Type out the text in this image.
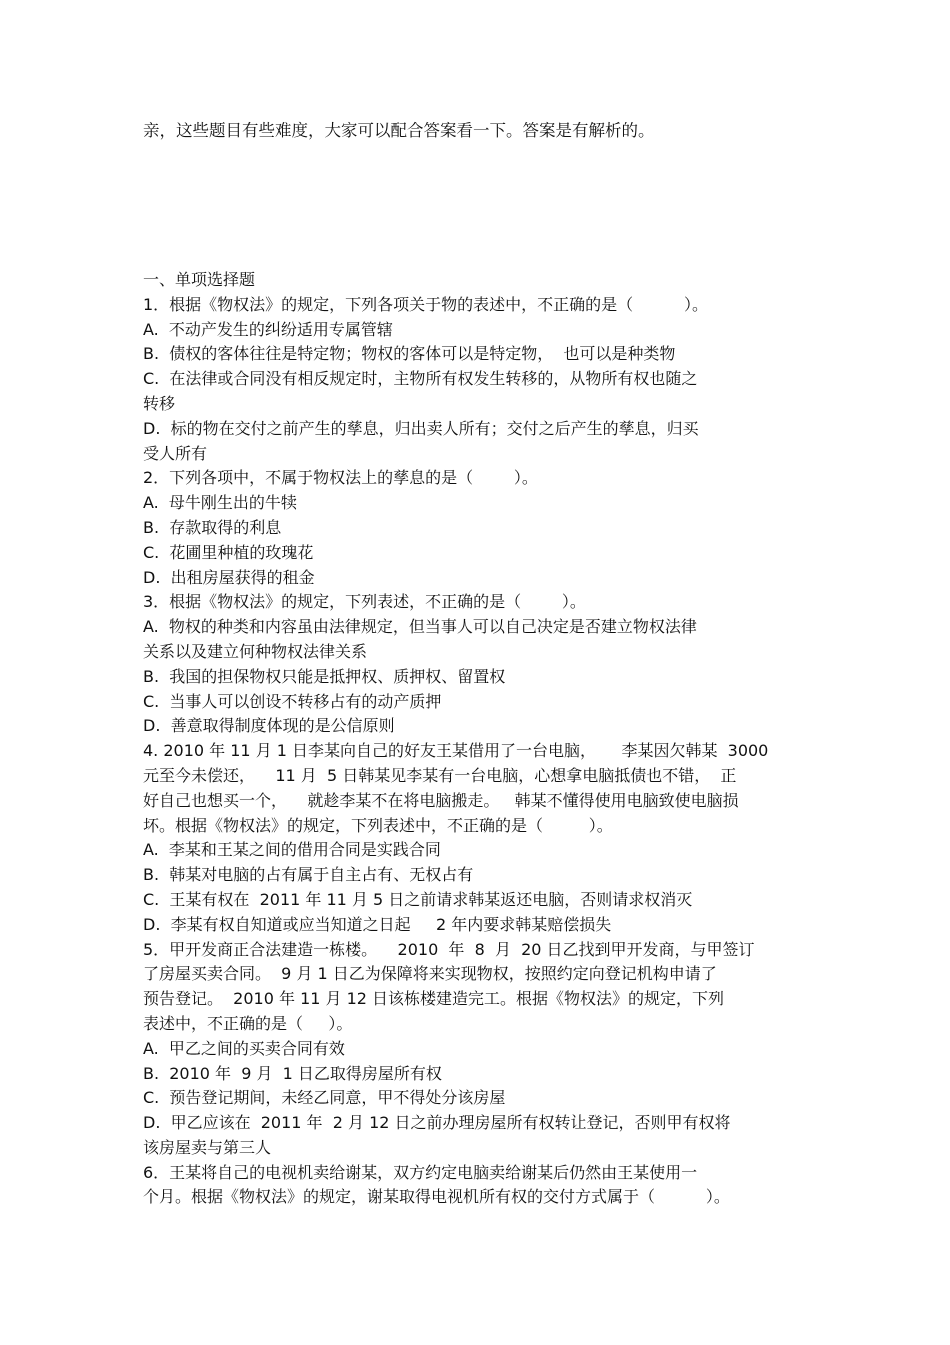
亲，这些题目有些难度，大家可以配合答案看一下。答案是有解析的。
一、单项选择题
1．根据《物权法》的规定，下列各项关于物的表述中，不正确的是（          ）。
A.  不动产发生的纠纷适用专属管辖
B.  债权的客体往往是特定物；物权的客体可以是特定物，  也可以是种类物
C.  在法律或合同没有相反规定时，主物所有权发生转移的，从物所有权也随之
转移
D.  标的物在交付之前产生的孳息，归出卖人所有；交付之后产生的孳息，归买
受人所有
2．下列各项中，不属于物权法上的孳息的是（        ）。
A.  母牛刚生出的牛犊
B.  存款取得的利息
C.  花圃里种植的玫瑰花
D.  出租房屋获得的租金
3．根据《物权法》的规定，下列表述，不正确的是（        ）。
A.  物权的种类和内容虽由法律规定，但当事人可以自己决定是否建立物权法律
关系以及建立何种物权法律关系
B.  我国的担保物权只能是抵押权、质押权、留置权
C.  当事人可以创设不转移占有的动产质押
D.  善意取得制度体现的是公信原则
4. 2010 年 11 月 1 日李某向自己的好友王某借用了一台电脑，     李某因欠韩某  3000
元至今未偿还，    11 月  5 日韩某见李某有一台电脑，心想拿电脑抵债也不错，  正
好自己也想买一个，    就趁李某不在将电脑搬走。   韩某不懂得使用电脑致使电脑损
坏。根据《物权法》的规定，下列表述中，不正确的是（         ）。
A.  李某和王某之间的借用合同是实践合同
B.  韩某对电脑的占有属于自主占有、无权占有
C.  王某有权在  2011 年 11 月 5 日之前请求韩某返还电脑，否则请求权消灭
D.  李某有权自知道或应当知道之日起     2 年内要求韩某赔偿损失
5．甲开发商正合法建造一栋楼。    2010  年  8  月  20 日乙找到甲开发商，与甲签订
了房屋买卖合同。  9 月 1 日乙为保障将来实现物权，按照约定向登记机构申请了
预告登记。  2010 年 11 月 12 日该栋楼建造完工。根据《物权法》的规定，下列
表述中，不正确的是（     ）。
A.  甲乙之间的买卖合同有效
B.  2010 年  9 月  1 日乙取得房屋所有权
C.  预告登记期间，未经乙同意，甲不得处分该房屋
D.  甲乙应该在  2011 年  2 月 12 日之前办理房屋所有权转让登记，否则甲有权将
该房屋卖与第三人
6．王某将自己的电视机卖给谢某，双方约定电脑卖给谢某后仍然由王某使用一
个月。根据《物权法》的规定，谢某取得电视机所有权的交付方式属于（          ）。
